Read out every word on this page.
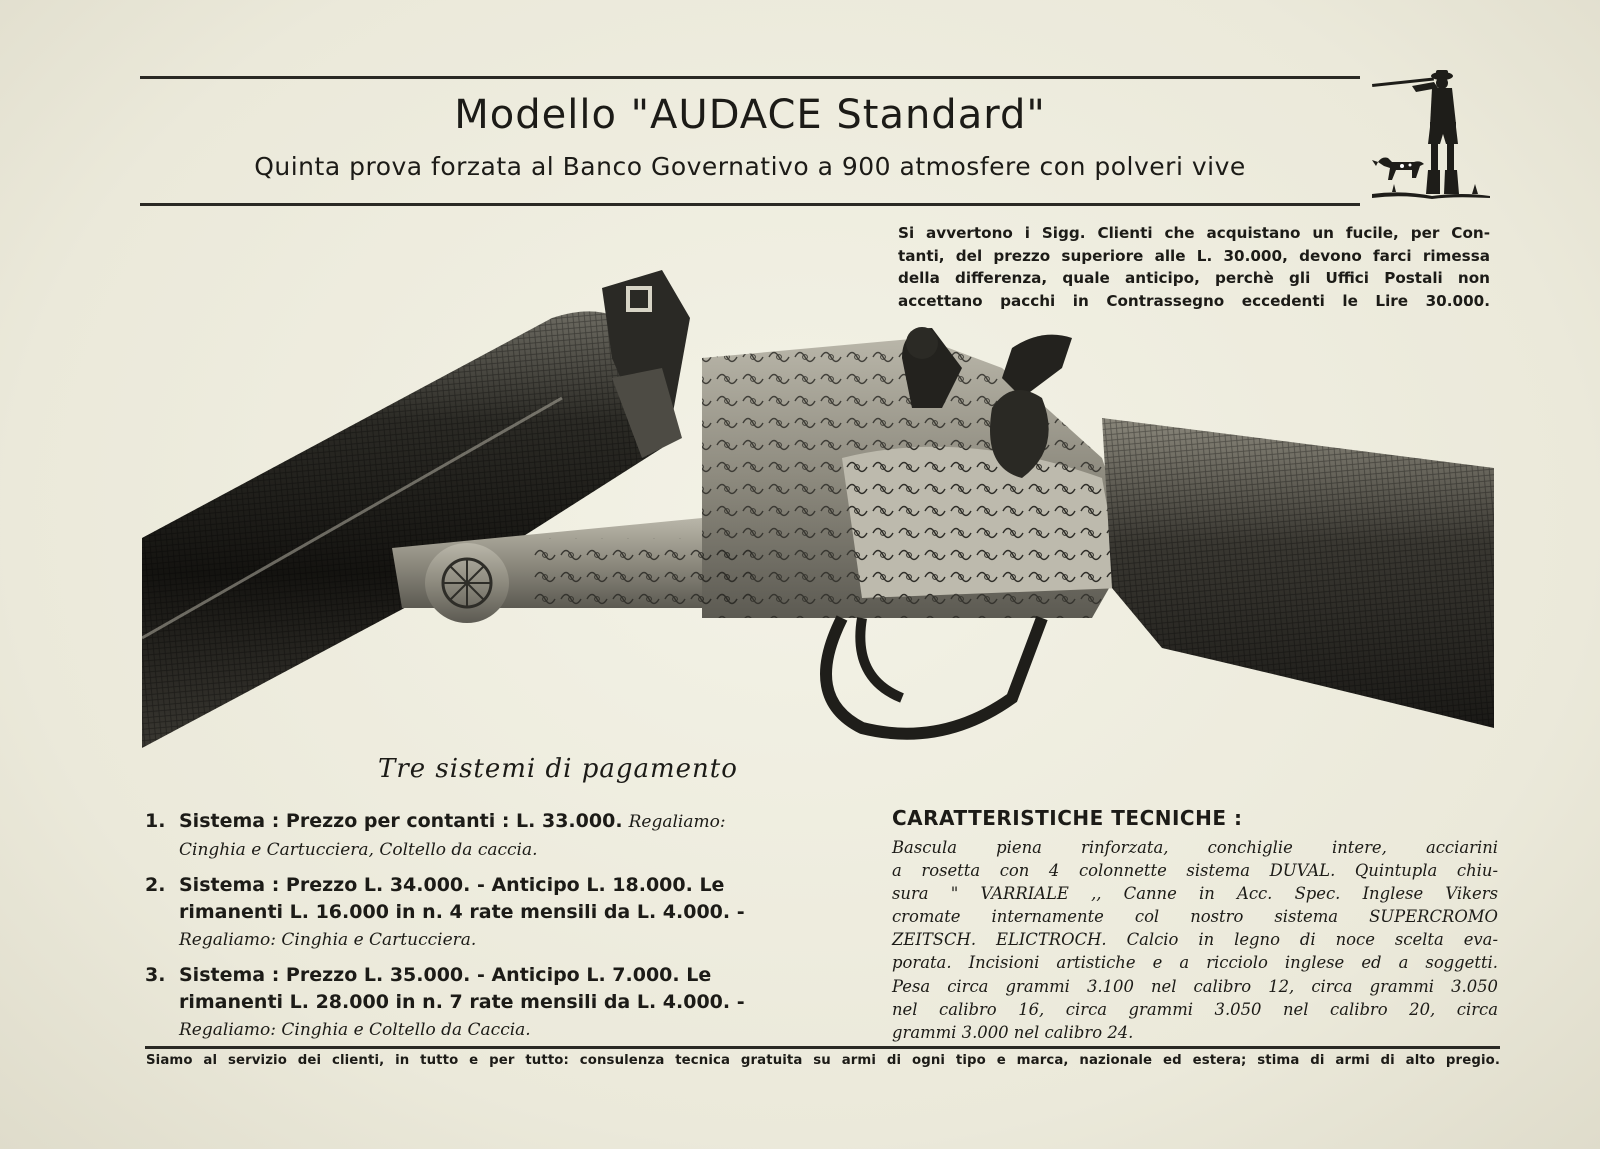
Modello "AUDACE Standard"
Quinta prova forzata al Banco Governativo a 900 atmosfere con polveri vive
Si avvertono i Sigg. Clienti che acquistano un fucile, per Con-
tanti, del prezzo superiore alle L. 30.000, devono farci rimessa
della differenza, quale anticipo, perchè gli Uffici Postali non
accettano pacchi in Contrassegno eccedenti le Lire 30.000.
Tre sistemi di pagamento
1. Sistema : Prezzo per contanti : L. 33.000. Regaliamo: Cinghia e Cartucciera, Coltello da caccia.
2. Sistema : Prezzo L. 34.000. - Anticipo L. 18.000. Le rimanenti L. 16.000 in n. 4 rate mensili da L. 4.000. - Regaliamo: Cinghia e Cartucciera.
3. Sistema : Prezzo L. 35.000. - Anticipo L. 7.000. Le rimanenti L. 28.000 in n. 7 rate mensili da L. 4.000. - Regaliamo: Cinghia e Coltello da Caccia.
CARATTERISTICHE TECNICHE :
Bascula piena rinforzata, conchiglie intere, acciarini
a rosetta con 4 colonnette sistema DUVAL. Quintupla chiu-
sura " VARRIALE ,, Canne in Acc. Spec. Inglese Vikers
cromate internamente col nostro sistema SUPERCROMO
ZEITSCH. ELICTROCH. Calcio in legno di noce scelta eva-
porata. Incisioni artistiche e a ricciolo inglese ed a soggetti.
Pesa circa grammi 3.100 nel calibro 12, circa grammi 3.050
nel calibro 16, circa grammi 3.050 nel calibro 20, circa
grammi 3.000 nel calibro 24.
Siamo al servizio dei clienti, in tutto e per tutto: consulenza tecnica gratuita su armi di ogni tipo e marca, nazionale ed estera; stima di armi di alto pregio.
